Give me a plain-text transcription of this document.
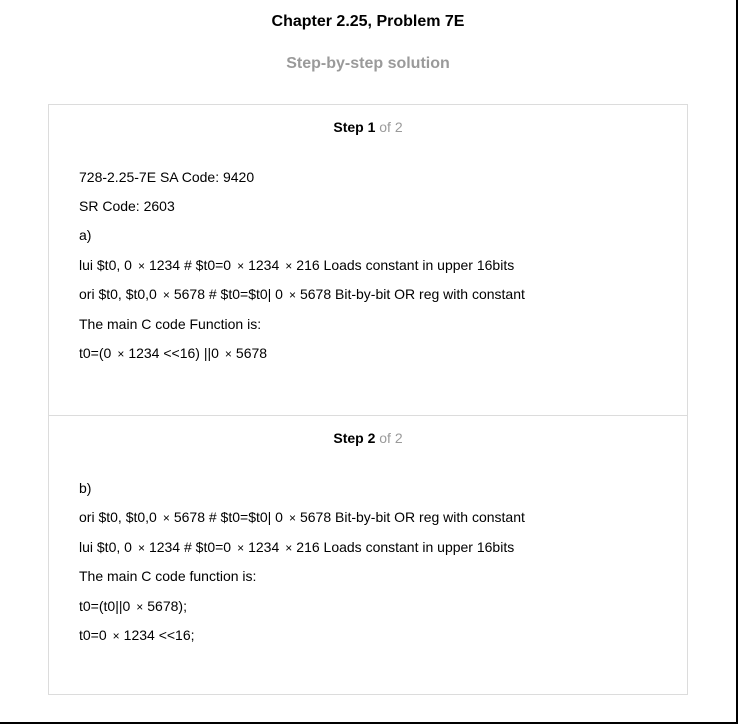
Chapter 2.25, Problem 7E
Step-by-step solution
Step 1 of 2
728-2.25-7E SA Code: 9420
SR Code: 2603
a)
lui $t0, 0 × 1234 # $t0=0 × 1234 × 216 Loads constant in upper 16bits
ori $t0, $t0,0 × 5678 # $t0=$t0| 0 × 5678 Bit-by-bit OR reg with constant
The main C code Function is:
t0=(0 × 1234 <<16) ||0 × 5678
Step 2 of 2
b)
ori $t0, $t0,0 × 5678 # $t0=$t0| 0 × 5678 Bit-by-bit OR reg with constant
lui $t0, 0 × 1234 # $t0=0 × 1234 × 216 Loads constant in upper 16bits
The main C code function is:
t0=(t0||0 × 5678);
t0=0 × 1234 <<16;
